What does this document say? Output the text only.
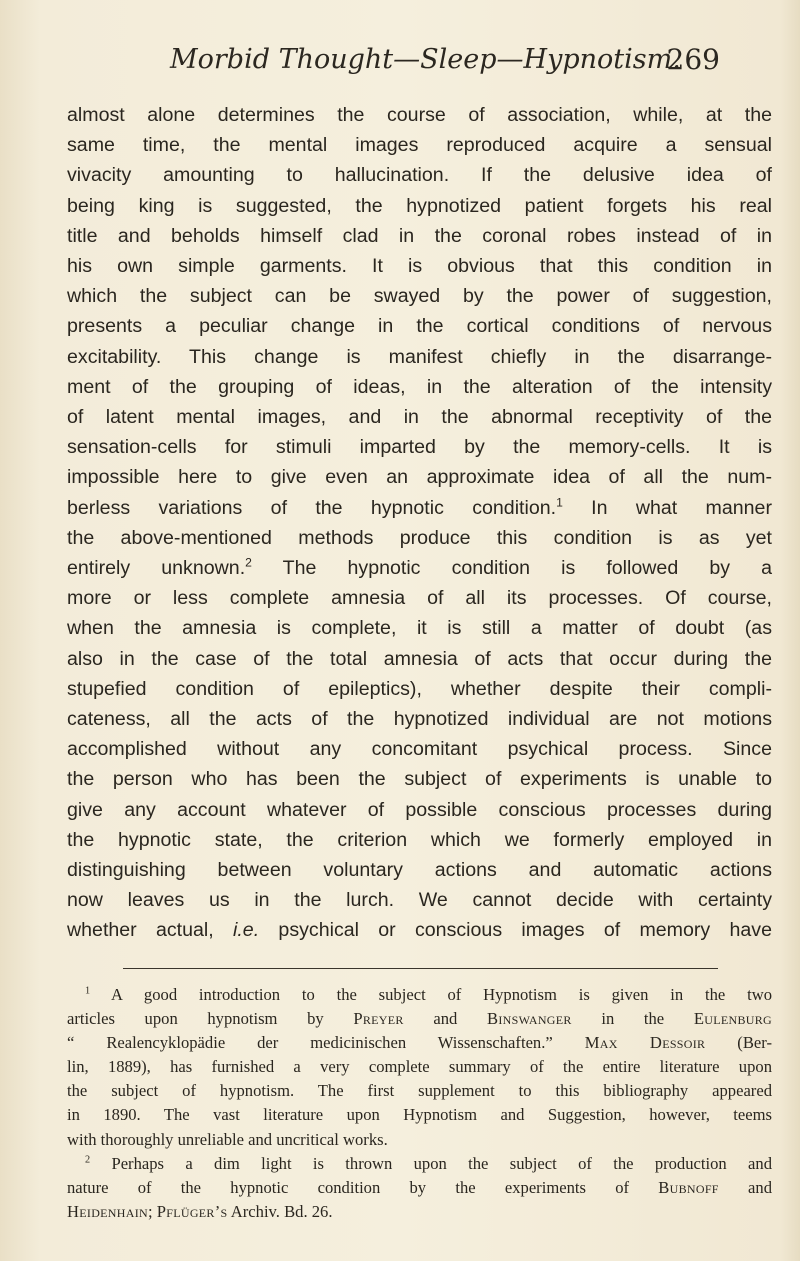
Morbid Thought—Sleep—Hypnotism.
269
almost alone determines the course of association, while, at the
same time, the mental images reproduced acquire a sensual
vivacity amounting to hallucination. If the delusive idea of
being king is suggested, the hypnotized patient forgets his real
title and beholds himself clad in the coronal robes instead of in
his own simple garments. It is obvious that this condition in
which the subject can be swayed by the power of suggestion,
presents a peculiar change in the cortical conditions of nervous
excitability. This change is manifest chiefly in the disarrange-
ment of the grouping of ideas, in the alteration of the intensity
of latent mental images, and in the abnormal receptivity of the
sensation-cells for stimuli imparted by the memory-cells. It is
impossible here to give even an approximate idea of all the num-
berless variations of the hypnotic condition.$^1$ In what manner
the above-mentioned methods produce this condition is as yet
entirely unknown.$^2$ The hypnotic condition is followed by a
more or less complete amnesia of all its processes. Of course,
when the amnesia is complete, it is still a matter of doubt (as
also in the case of the total amnesia of acts that occur during the
stupefied condition of epileptics), whether despite their compli-
cateness, all the acts of the hypnotized individual are not motions
accomplished without any concomitant psychical process. Since
the person who has been the subject of experiments is unable to
give any account whatever of possible conscious processes during
the hypnotic state, the criterion which we formerly employed in
distinguishing between voluntary actions and automatic actions
now leaves us in the lurch. We cannot decide with certainty
whether actual, i.e. psychical or conscious images of memory have
$^1$ A good introduction to the subject of Hypnotism is given in the two
articles upon hypnotism by Preyer and Binswanger in the Eulenburg
“ Realencyklopädie der medicinischen Wissenschaften.” Max Dessoir (Ber-
lin, 1889), has furnished a very complete summary of the entire literature upon
the subject of hypnotism. The first supplement to this bibliography appeared
in 1890. The vast literature upon Hypnotism and Suggestion, however, teems
with thoroughly unreliable and uncritical works.
$^2$ Perhaps a dim light is thrown upon the subject of the production and
nature of the hypnotic condition by the experiments of Bubnoff and
Heidenhain; Pflüger’s Archiv. Bd. 26.
